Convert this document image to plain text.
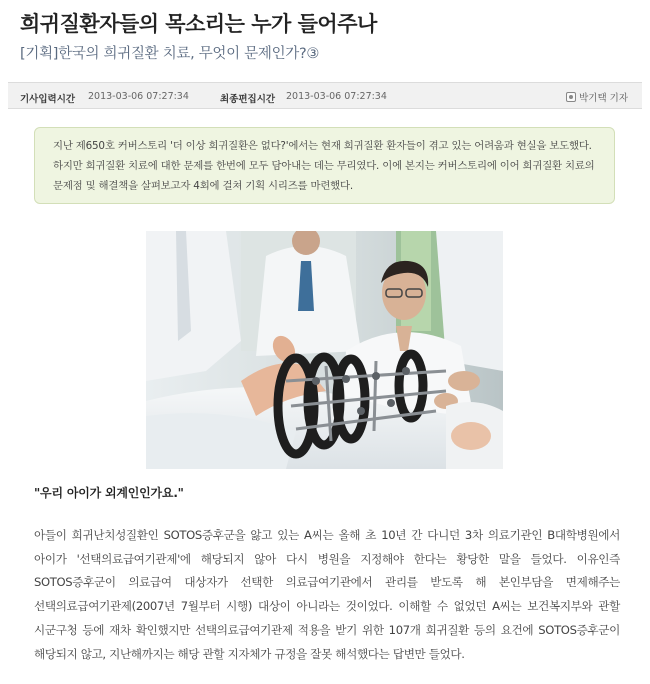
희귀질환자들의 목소리는 누가 들어주나
[기획]한국의 희귀질환 치료, 무엇이 문제인가?③
기사입력시간 2013-03-06 07:27:34	최종편집시간 2013-03-06 07:27:34	박기택 기자
지난 제650호 커버스토리 '더 이상 희귀질환은 없다?'에서는 현재 희귀질환 환자들이 겪고 있는 어려움과 현실을 보도했다. 하지만 희귀질환 치료에 대한 문제를 한번에 모두 담아내는 데는 무리였다. 이에 본지는 커버스토리에 이어 희귀질환 치료의 문제점 및 해결책을 살펴보고자 4회에 걸쳐 기획 시리즈를 마련했다.
"우리 아이가 외계인인가요."
아들이 희귀난치성질환인 SOTOS증후군을 앓고 있는 A씨는 올해 초 10년 간 다니던 3차 의료기관인 B대학병원에서 아이가 '선택의료급여기관제'에 해당되지 않아 다시 병원을 지정해야 한다는 황당한 말을 들었다. 이유인즉 SOTOS증후군이 의료급여 대상자가 선택한 의료급여기관에서 관리를 받도록 해 본인부담을 면제해주는 선택의료급여기관제(2007년 7월부터 시행) 대상이 아니라는 것이었다. 이해할 수 없었던 A씨는 보건복지부와 관할 시군구청 등에 재차 확인했지만 선택의료급여기관제 적용을 받기 위한 107개 희귀질환 등의 요건에 SOTOS증후군이 해당되지 않고, 지난해까지는 해당 관할 지자체가 규정을 잘못 해석했다는 답변만 들었다.
